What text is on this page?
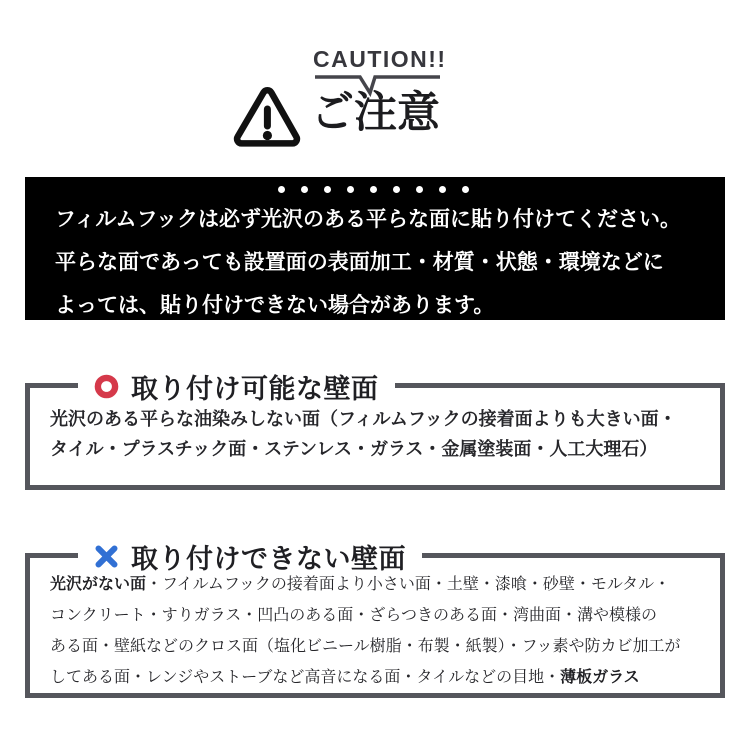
CAUTION!!
ご注意
フィルムフックは必ず光沢のある平らな面に貼り付けてください。
平らな面であっても設置面の表面加工・材質・状態・環境などに
よっては、貼り付けできない場合があります。
取り付け可能な壁面
光沢のある平らな油染みしない面（フィルムフックの接着面よりも大きい面・
タイル・プラスチック面・ステンレス・ガラス・金属塗装面・人工大理石）
取り付けできない壁面
光沢がない面・フイルムフックの接着面より小さい面・土壁・漆喰・砂壁・モルタル・
コンクリート・すりガラス・凹凸のある面・ざらつきのある面・湾曲面・溝や模様の
ある面・壁紙などのクロス面（塩化ビニール樹脂・布製・紙製）・フッ素や防カビ加工が
してある面・レンジやストーブなど高音になる面・タイルなどの目地・薄板ガラス
